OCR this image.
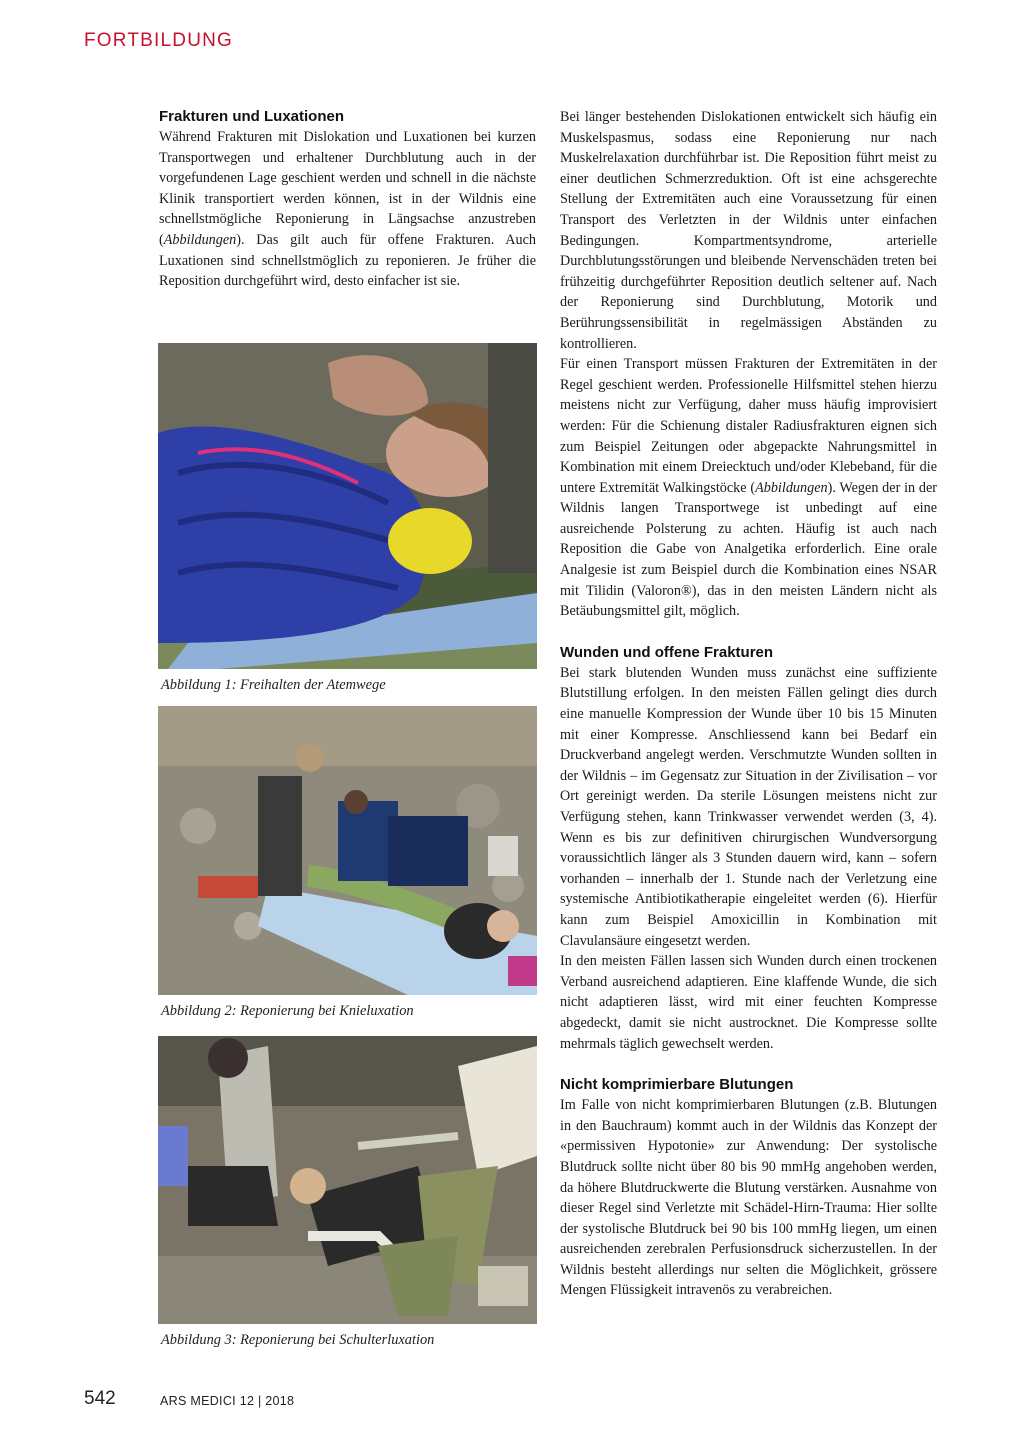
FORTBILDUNG

Frakturen und Luxationen

Während Frakturen mit Dislokation und Luxationen bei kurzen Transportwegen und erhaltener Durchblutung auch in der vorgefundenen Lage geschient werden und schnell in die nächste Klinik transportiert werden können, ist in der Wildnis eine schnellstmögliche Reponierung in Längsachse anzustreben (Abbildungen). Das gilt auch für offene Frakturen. Auch Luxationen sind schnellstmöglich zu reponieren. Je früher die Reposition durchgeführt wird, desto einfacher ist sie.

Abbildung 1: Freihalten der Atemwege
Abbildung 2: Reponierung bei Knieluxation
Abbildung 3: Reponierung bei Schulterluxation

Bei länger bestehenden Dislokationen entwickelt sich häufig ein Muskelspasmus, sodass eine Reponierung nur nach Muskelrelaxation durchführbar ist. Die Reposition führt meist zu einer deutlichen Schmerzreduktion. Oft ist eine achsgerechte Stellung der Extremitäten auch eine Voraussetzung für einen Transport des Verletzten in der Wildnis unter einfachen Bedingungen. Kompartmentsyndrome, arterielle Durchblutungsstörungen und bleibende Nervenschäden treten bei frühzeitig durchgeführter Reposition deutlich seltener auf. Nach der Reponierung sind Durchblutung, Motorik und Berührungssensibilität in regelmässigen Abständen zu kontrollieren.

Für einen Transport müssen Frakturen der Extremitäten in der Regel geschient werden. Professionelle Hilfsmittel stehen hierzu meistens nicht zur Verfügung, daher muss häufig improvisiert werden: Für die Schienung distaler Radiusfrakturen eignen sich zum Beispiel Zeitungen oder abgepackte Nahrungsmittel in Kombination mit einem Dreiecktuch und/oder Klebeband, für die untere Extremität Walkingstöcke (Abbildungen). Wegen der in der Wildnis langen Transportwege ist unbedingt auf eine ausreichende Polsterung zu achten. Häufig ist auch nach Reposition die Gabe von Analgetika erforderlich. Eine orale Analgesie ist zum Beispiel durch die Kombination eines NSAR mit Tilidin (Valoron®), das in den meisten Ländern nicht als Betäubungsmittel gilt, möglich.

Wunden und offene Frakturen

Bei stark blutenden Wunden muss zunächst eine suffiziente Blutstillung erfolgen. In den meisten Fällen gelingt dies durch eine manuelle Kompression der Wunde über 10 bis 15 Minuten mit einer Kompresse. Anschliessend kann bei Bedarf ein Druckverband angelegt werden. Verschmutzte Wunden sollten in der Wildnis – im Gegensatz zur Situation in der Zivilisation – vor Ort gereinigt werden. Da sterile Lösungen meistens nicht zur Verfügung stehen, kann Trinkwasser verwendet werden (3, 4). Wenn es bis zur definitiven chirurgischen Wundversorgung voraussichtlich länger als 3 Stunden dauern wird, kann – sofern vorhanden – innerhalb der 1. Stunde nach der Verletzung eine systemische Antibiotikatherapie eingeleitet werden (6). Hierfür kann zum Beispiel Amoxicillin in Kombination mit Clavulansäure eingesetzt werden.

In den meisten Fällen lassen sich Wunden durch einen trockenen Verband ausreichend adaptieren. Eine klaffende Wunde, die sich nicht adaptieren lässt, wird mit einer feuchten Kompresse abgedeckt, damit sie nicht austrocknet. Die Kompresse sollte mehrmals täglich gewechselt werden.

Nicht komprimierbare Blutungen

Im Falle von nicht komprimierbaren Blutungen (z.B. Blutungen in den Bauchraum) kommt auch in der Wildnis das Konzept der «permissiven Hypotonie» zur Anwendung: Der systolische Blutdruck sollte nicht über 80 bis 90 mmHg angehoben werden, da höhere Blutdruckwerte die Blutung verstärken. Ausnahme von dieser Regel sind Verletzte mit Schädel-Hirn-Trauma: Hier sollte der systolische Blutdruck bei 90 bis 100 mmHg liegen, um einen ausreichenden zerebralen Perfusionsdruck sicherzustellen. In der Wildnis besteht allerdings nur selten die Möglichkeit, grössere Mengen Flüssigkeit intravenös zu verabreichen.

542	ARS MEDICI 12 | 2018
